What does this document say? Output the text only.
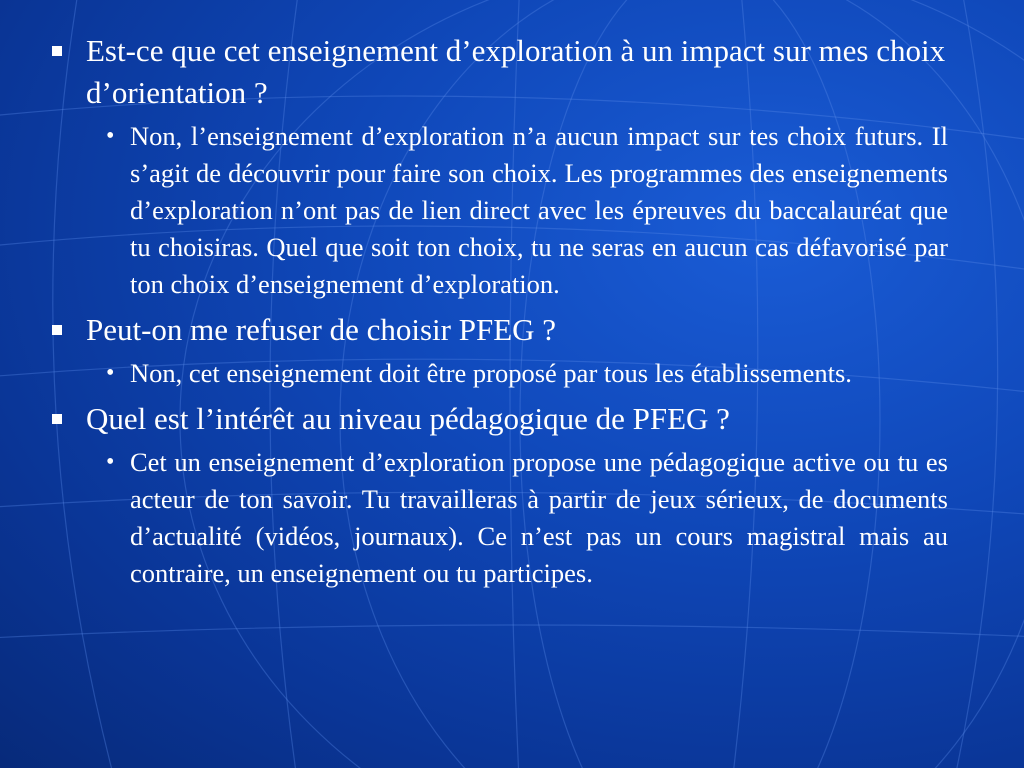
Est-ce que cet enseignement d’exploration à un impact sur mes choix d’orientation ?
• Non, l’enseignement d’exploration n’a aucun impact sur tes choix futurs. Il s’agit de découvrir pour faire son choix. Les programmes des enseignements d’exploration n’ont pas de lien direct avec les épreuves du baccalauréat que tu choisiras. Quel que soit ton choix, tu ne seras en aucun cas défavorisé par ton choix d’enseignement d’exploration.
Peut-on me refuser de choisir PFEG ?
• Non, cet enseignement doit être proposé par tous les établissements.
Quel est l’intérêt au niveau pédagogique de PFEG ?
• Cet un enseignement d’exploration propose une pédagogique active ou tu es acteur de ton savoir. Tu travailleras à partir de jeux sérieux, de documents d’actualité (vidéos, journaux). Ce n’est pas un cours magistral mais au contraire, un enseignement ou tu participes.
